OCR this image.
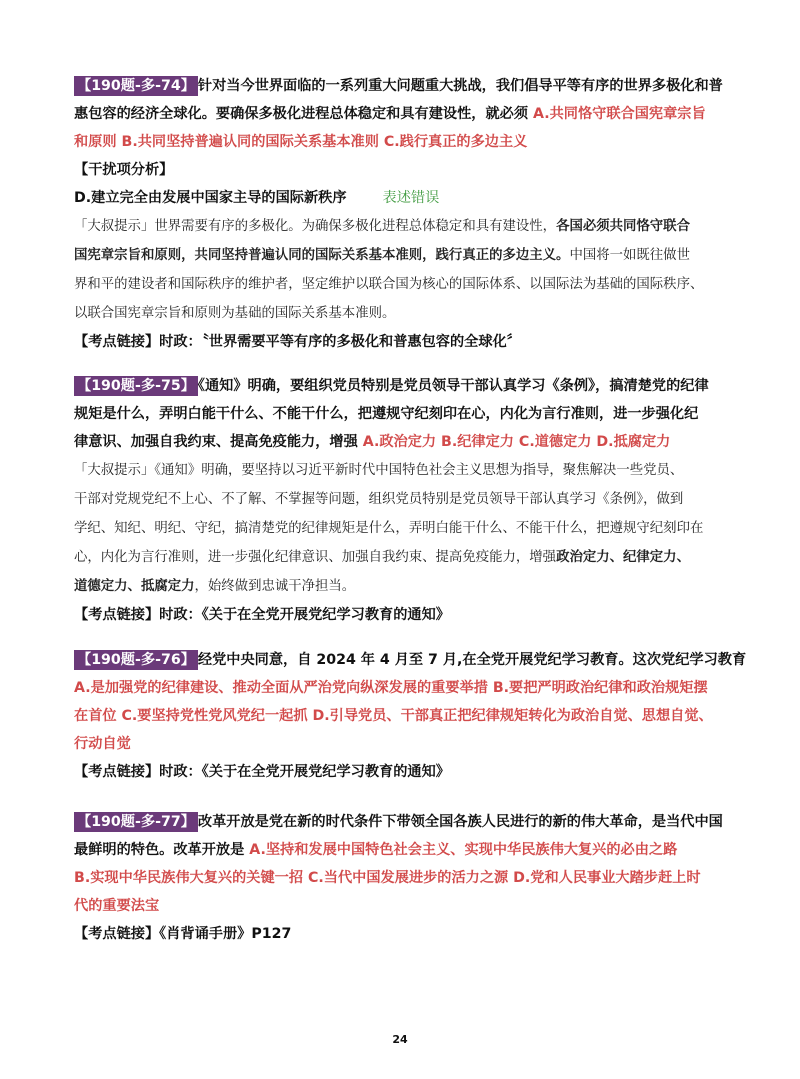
【190题-多-74】 针对当今世界面临的一系列重大问题重大挑战，我们倡导平等有序的世界多极化和普
惠包容的经济全球化。要确保多极化进程总体稳定和具有建设性，就必须 A.共同恪守联合国宪章宗旨
和原则 B.共同坚持普遍认同的国际关系基本准则 C.践行真正的多边主义
【干扰项分析】
D.建立完全由发展中国家主导的国际新秩序	表述错误
「大叔提示」世界需要有序的多极化。为确保多极化进程总体稳定和具有建设性，各国必须共同恪守联合
国宪章宗旨和原则，共同坚持普遍认同的国际关系基本准则，践行真正的多边主义。中国将一如既往做世
界和平的建设者和国际秩序的维护者，坚定维护以联合国为核心的国际体系、以国际法为基础的国际秩序、
以联合国宪章宗旨和原则为基础的国际关系基本准则。
【考点链接】时政：〝世界需要平等有序的多极化和普惠包容的全球化〞
【190题-多-75】 《通知》明确，要组织党员特别是党员领导干部认真学习《条例》，搞清楚党的纪律
规矩是什么，弄明白能干什么、不能干什么，把遵规守纪刻印在心，内化为言行准则，进一步强化纪
律意识、加强自我约束、提高免疫能力，增强 A.政治定力 B.纪律定力 C.道德定力 D.抵腐定力
「大叔提示」《通知》明确，要坚持以习近平新时代中国特色社会主义思想为指导，聚焦解决一些党员、
干部对党规党纪不上心、不了解、不掌握等问题，组织党员特别是党员领导干部认真学习《条例》，做到
学纪、知纪、明纪、守纪，搞清楚党的纪律规矩是什么，弄明白能干什么、不能干什么，把遵规守纪刻印在
心，内化为言行准则，进一步强化纪律意识、加强自我约束、提高免疫能力，增强政治定力、纪律定力、
道德定力、抵腐定力，始终做到忠诚干净担当。
【考点链接】时政：《关于在全党开展党纪学习教育的通知》
【190题-多-76】 经党中央同意，自 2024 年 4 月至 7 月,在全党开展党纪学习教育。这次党纪学习教育
A.是加强党的纪律建设、推动全面从严治党向纵深发展的重要举措 B.要把严明政治纪律和政治规矩摆
在首位 C.要坚持党性党风党纪一起抓 D.引导党员、干部真正把纪律规矩转化为政治自觉、思想自觉、
行动自觉
【考点链接】时政：《关于在全党开展党纪学习教育的通知》
【190题-多-77】 改革开放是党在新的时代条件下带领全国各族人民进行的新的伟大革命，是当代中国
最鲜明的特色。改革开放是 A.坚持和发展中国特色社会主义、实现中华民族伟大复兴的必由之路
B.实现中华民族伟大复兴的关键一招 C.当代中国发展进步的活力之源 D.党和人民事业大踏步赶上时
代的重要法宝
【考点链接】《肖背诵手册》P127
24
